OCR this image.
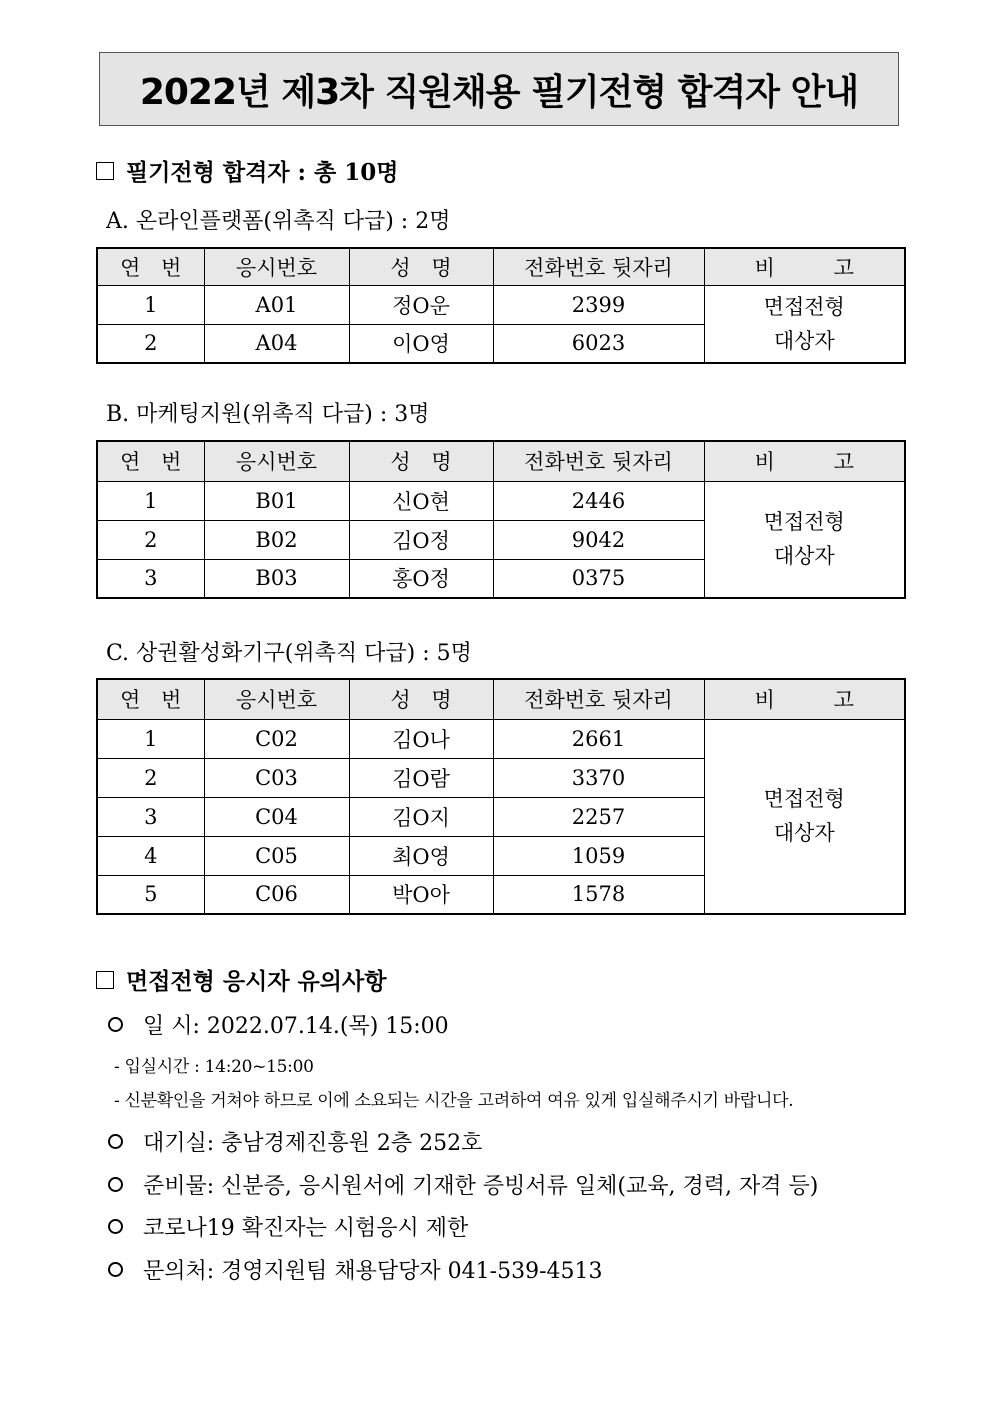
2022년 제3차 직원채용 필기전형 합격자 안내
필기전형 합격자 : 총 10명
A. 온라인플랫폼(위촉직 다급) : 2명
연 번	응시번호	성 명	전화번호 뒷자리	비 고
1	A01	정O운	2399	면접전형 대상자
2	A04	이O영	6023	
B. 마케팅지원(위촉직 다급) : 3명
연 번	응시번호	성 명	전화번호 뒷자리	비 고
1	B01	신O현	2446	면접전형 대상자
2	B02	김O정	9042	
3	B03	홍O정	0375	
C. 상권활성화기구(위촉직 다급) : 5명
연 번	응시번호	성 명	전화번호 뒷자리	비 고
1	C02	김O나	2661	면접전형 대상자
2	C03	김O람	3370	
3	C04	김O지	2257	
4	C05	최O영	1059	
5	C06	박O아	1578	
면접전형 응시자 유의사항
일 시: 2022.07.14.(목) 15:00
- 입실시간 : 14:20~15:00
- 신분확인을 거쳐야 하므로 이에 소요되는 시간을 고려하여 여유 있게 입실해주시기 바랍니다.
대기실: 충남경제진흥원 2층 252호
준비물: 신분증, 응시원서에 기재한 증빙서류 일체(교육, 경력, 자격 등)
코로나19 확진자는 시험응시 제한
문의처: 경영지원팀 채용담당자 041-539-4513
